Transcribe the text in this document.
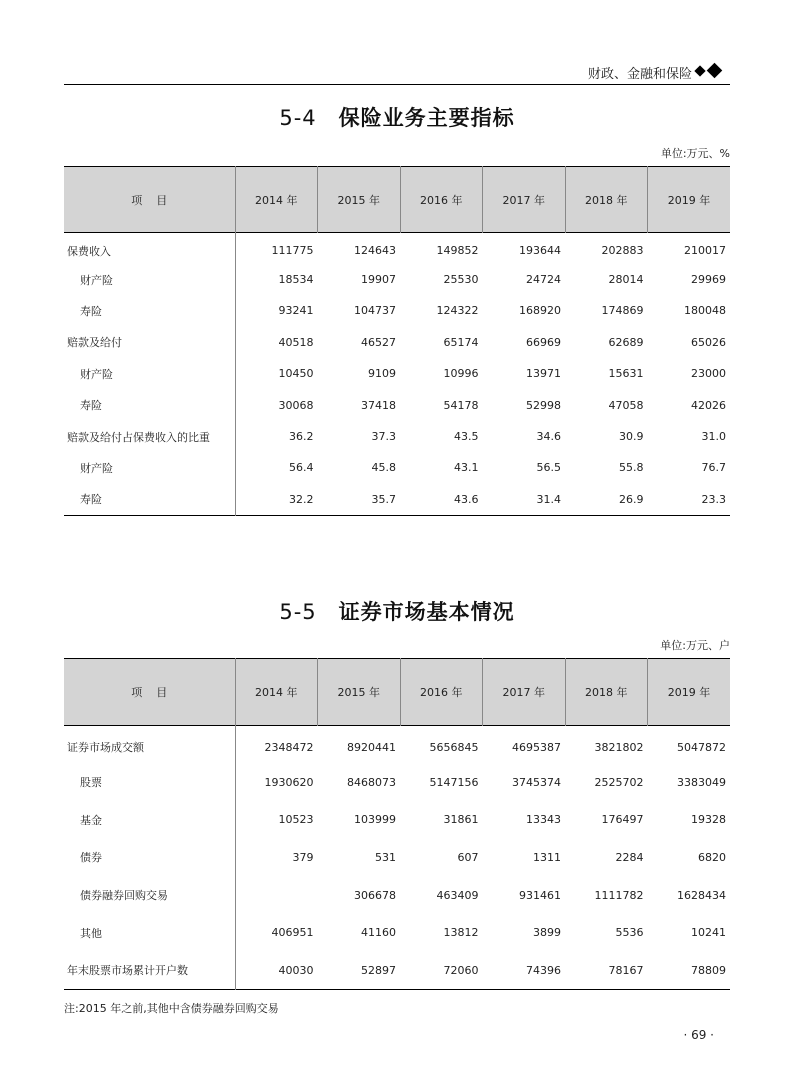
财政、金融和保险
5-4 保险业务主要指标
单位:万元、%
项    目	2014 年	2015 年	2016 年	2017 年	2018 年	2019 年
保费收入	111775	124643	149852	193644	202883	210017
财产险	18534	19907	25530	24724	28014	29969
寿险	93241	104737	124322	168920	174869	180048
赔款及给付	40518	46527	65174	66969	62689	65026
财产险	10450	9109	10996	13971	15631	23000
寿险	30068	37418	54178	52998	47058	42026
赔款及给付占保费收入的比重	36.2	37.3	43.5	34.6	30.9	31.0
财产险	56.4	45.8	43.1	56.5	55.8	76.7
寿险	32.2	35.7	43.6	31.4	26.9	23.3
5-5 证券市场基本情况
单位:万元、户
项    目	2014 年	2015 年	2016 年	2017 年	2018 年	2019 年
证券市场成交额	2348472	8920441	5656845	4695387	3821802	5047872
股票	1930620	8468073	5147156	3745374	2525702	3383049
基金	10523	103999	31861	13343	176497	19328
债券	379	531	607	1311	2284	6820
债券融券回购交易		306678	463409	931461	1111782	1628434
其他	406951	41160	13812	3899	5536	10241
年末股票市场累计开户数	40030	52897	72060	74396	78167	78809
注:2015 年之前,其他中含债券融券回购交易
· 69 ·
